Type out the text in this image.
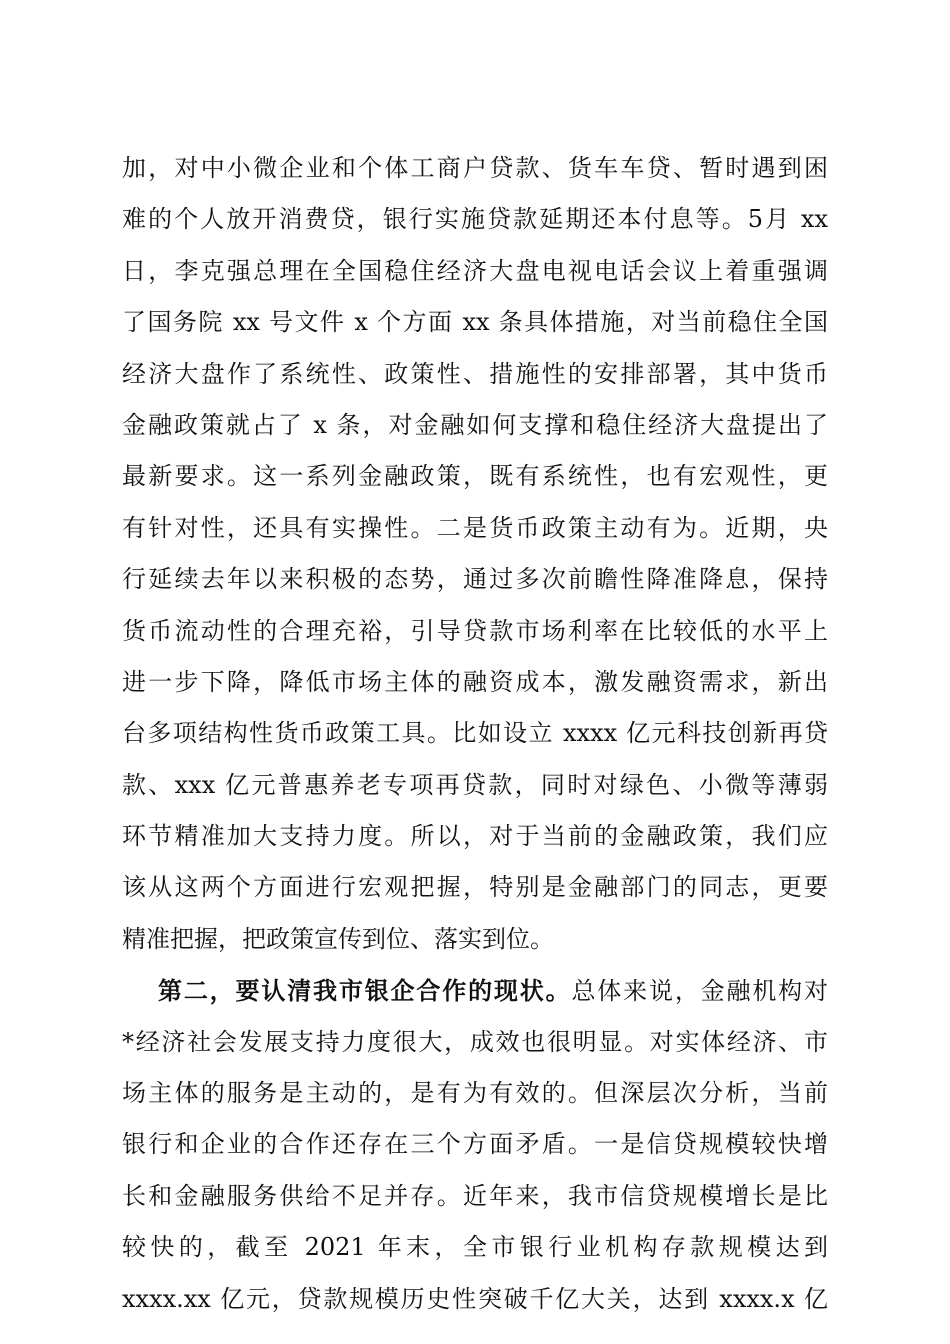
加，对中小微企业和个体工商户贷款、货车车贷、暂时遇到困
难的个人放开消费贷，银行实施贷款延期还本付息等。5月 xx
日，李克强总理在全国稳住经济大盘电视电话会议上着重强调
了国务院 xx 号文件 x 个方面 xx 条具体措施，对当前稳住全国
经济大盘作了系统性、政策性、措施性的安排部署，其中货币
金融政策就占了 x 条，对金融如何支撑和稳住经济大盘提出了
最新要求。这一系列金融政策，既有系统性，也有宏观性，更
有针对性，还具有实操性。二是货币政策主动有为。近期，央
行延续去年以来积极的态势，通过多次前瞻性降准降息，保持
货币流动性的合理充裕，引导贷款市场利率在比较低的水平上
进一步下降，降低市场主体的融资成本，激发融资需求，新出
台多项结构性货币政策工具。比如设立 xxxx 亿元科技创新再贷
款、xxx 亿元普惠养老专项再贷款，同时对绿色、小微等薄弱
环节精准加大支持力度。所以，对于当前的金融政策，我们应
该从这两个方面进行宏观把握，特别是金融部门的同志，更要
精准把握，把政策宣传到位、落实到位。
第二，要认清我市银企合作的现状。总体来说，金融机构对
*经济社会发展支持力度很大，成效也很明显。对实体经济、市
场主体的服务是主动的，是有为有效的。但深层次分析，当前
银行和企业的合作还存在三个方面矛盾。一是信贷规模较快增
长和金融服务供给不足并存。近年来，我市信贷规模增长是比
较快的，截至 2021 年末，全市银行业机构存款规模达到
xxxx.xx 亿元，贷款规模历史性突破千亿大关，达到 xxxx.x 亿
